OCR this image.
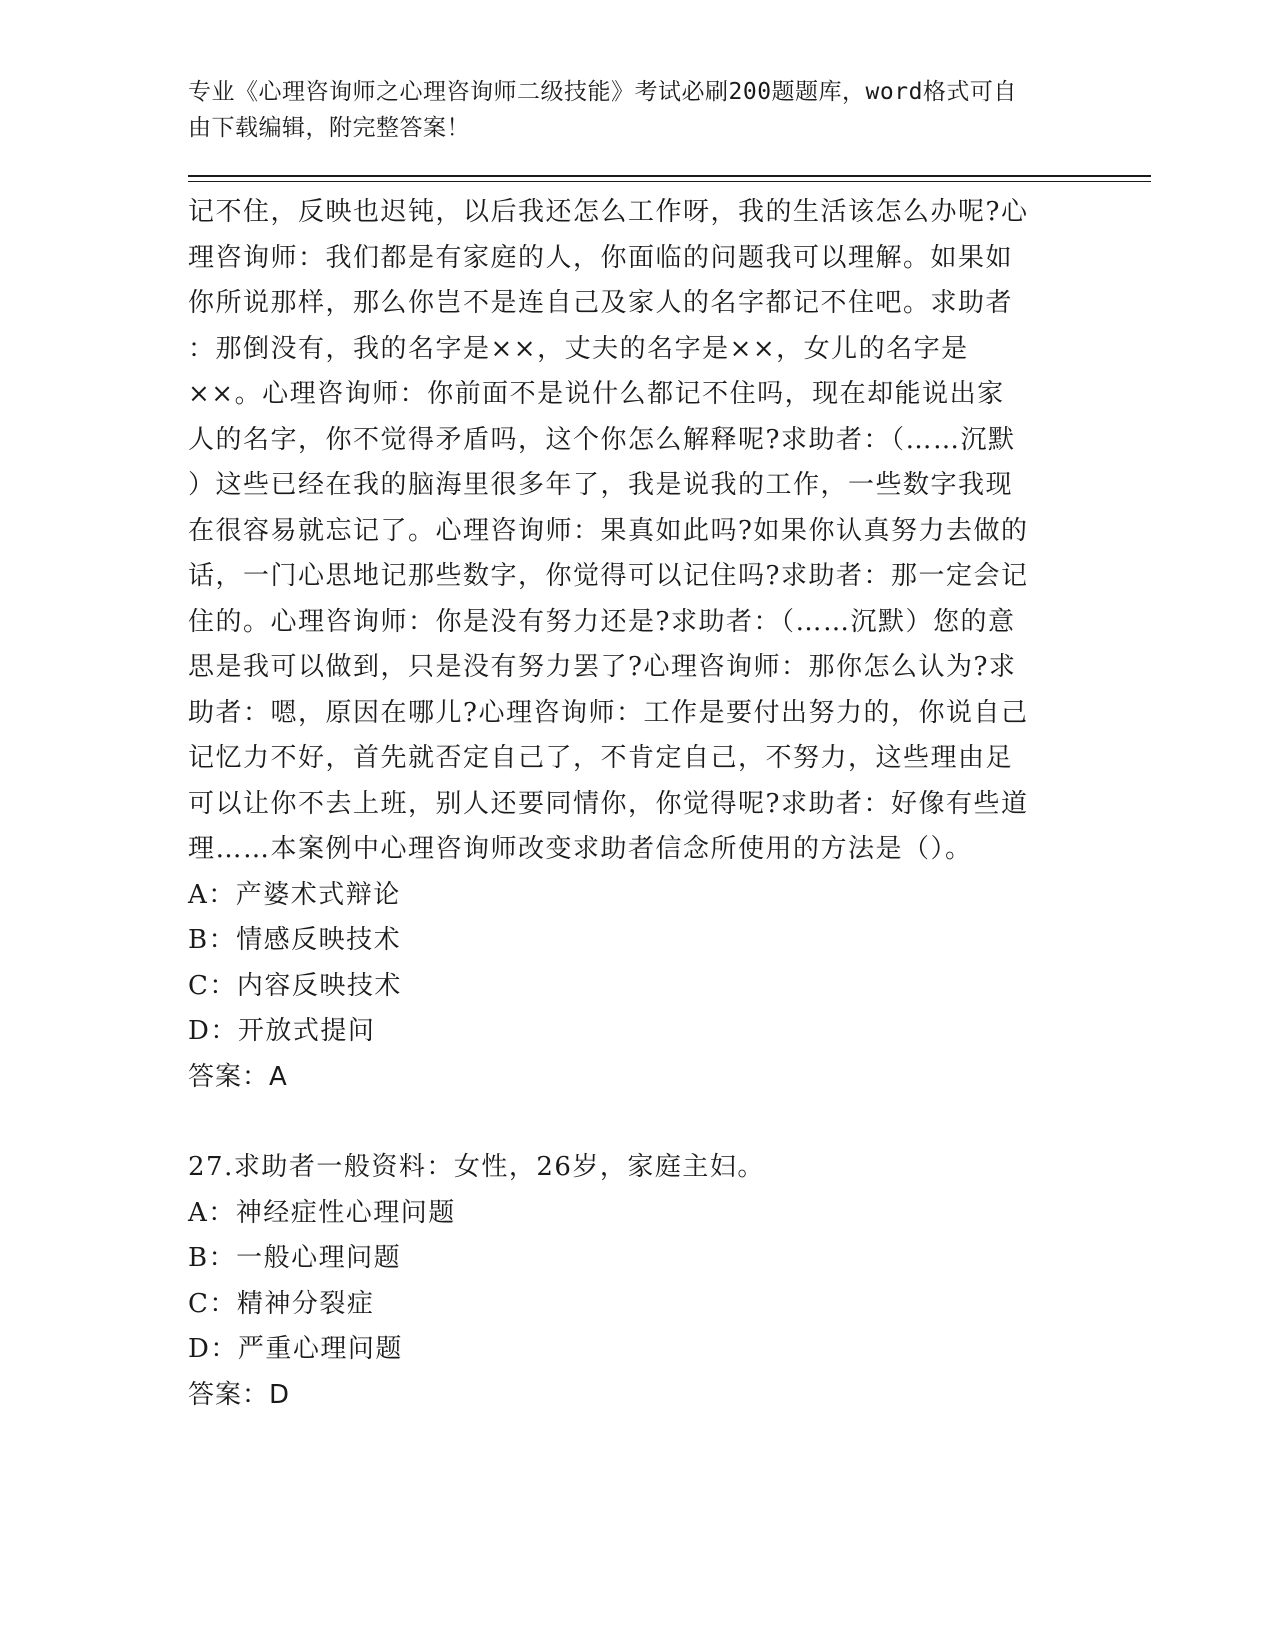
专业《心理咨询师之心理咨询师二级技能》考试必刷200题题库，word格式可自
由下载编辑，附完整答案！

记不住，反映也迟钝，以后我还怎么工作呀，我的生活该怎么办呢?心

理咨询师：我们都是有家庭的人，你面临的问题我可以理解。如果如

你所说那样，那么你岂不是连自己及家人的名字都记不住吧。求助者

：那倒没有，我的名字是××，丈夫的名字是××，女儿的名字是

××。心理咨询师：你前面不是说什么都记不住吗，现在却能说出家

人的名字，你不觉得矛盾吗，这个你怎么解释呢?求助者：（……沉默

）这些已经在我的脑海里很多年了，我是说我的工作，一些数字我现

在很容易就忘记了。心理咨询师：果真如此吗?如果你认真努力去做的

话，一门心思地记那些数字，你觉得可以记住吗?求助者：那一定会记

住的。心理咨询师：你是没有努力还是?求助者：（……沉默）您的意

思是我可以做到，只是没有努力罢了?心理咨询师：那你怎么认为?求

助者：嗯，原因在哪儿?心理咨询师：工作是要付出努力的，你说自己

记忆力不好，首先就否定自己了，不肯定自己，不努力，这些理由足

可以让你不去上班，别人还要同情你，你觉得呢?求助者：好像有些道

理……本案例中心理咨询师改变求助者信念所使用的方法是（）。

A：产婆术式辩论
B：情感反映技术
C：内容反映技术
D：开放式提问
答案：A

27.求助者一般资料：女性，26岁，家庭主妇。

A：神经症性心理问题
B：一般心理问题
C：精神分裂症
D：严重心理问题
答案：D
